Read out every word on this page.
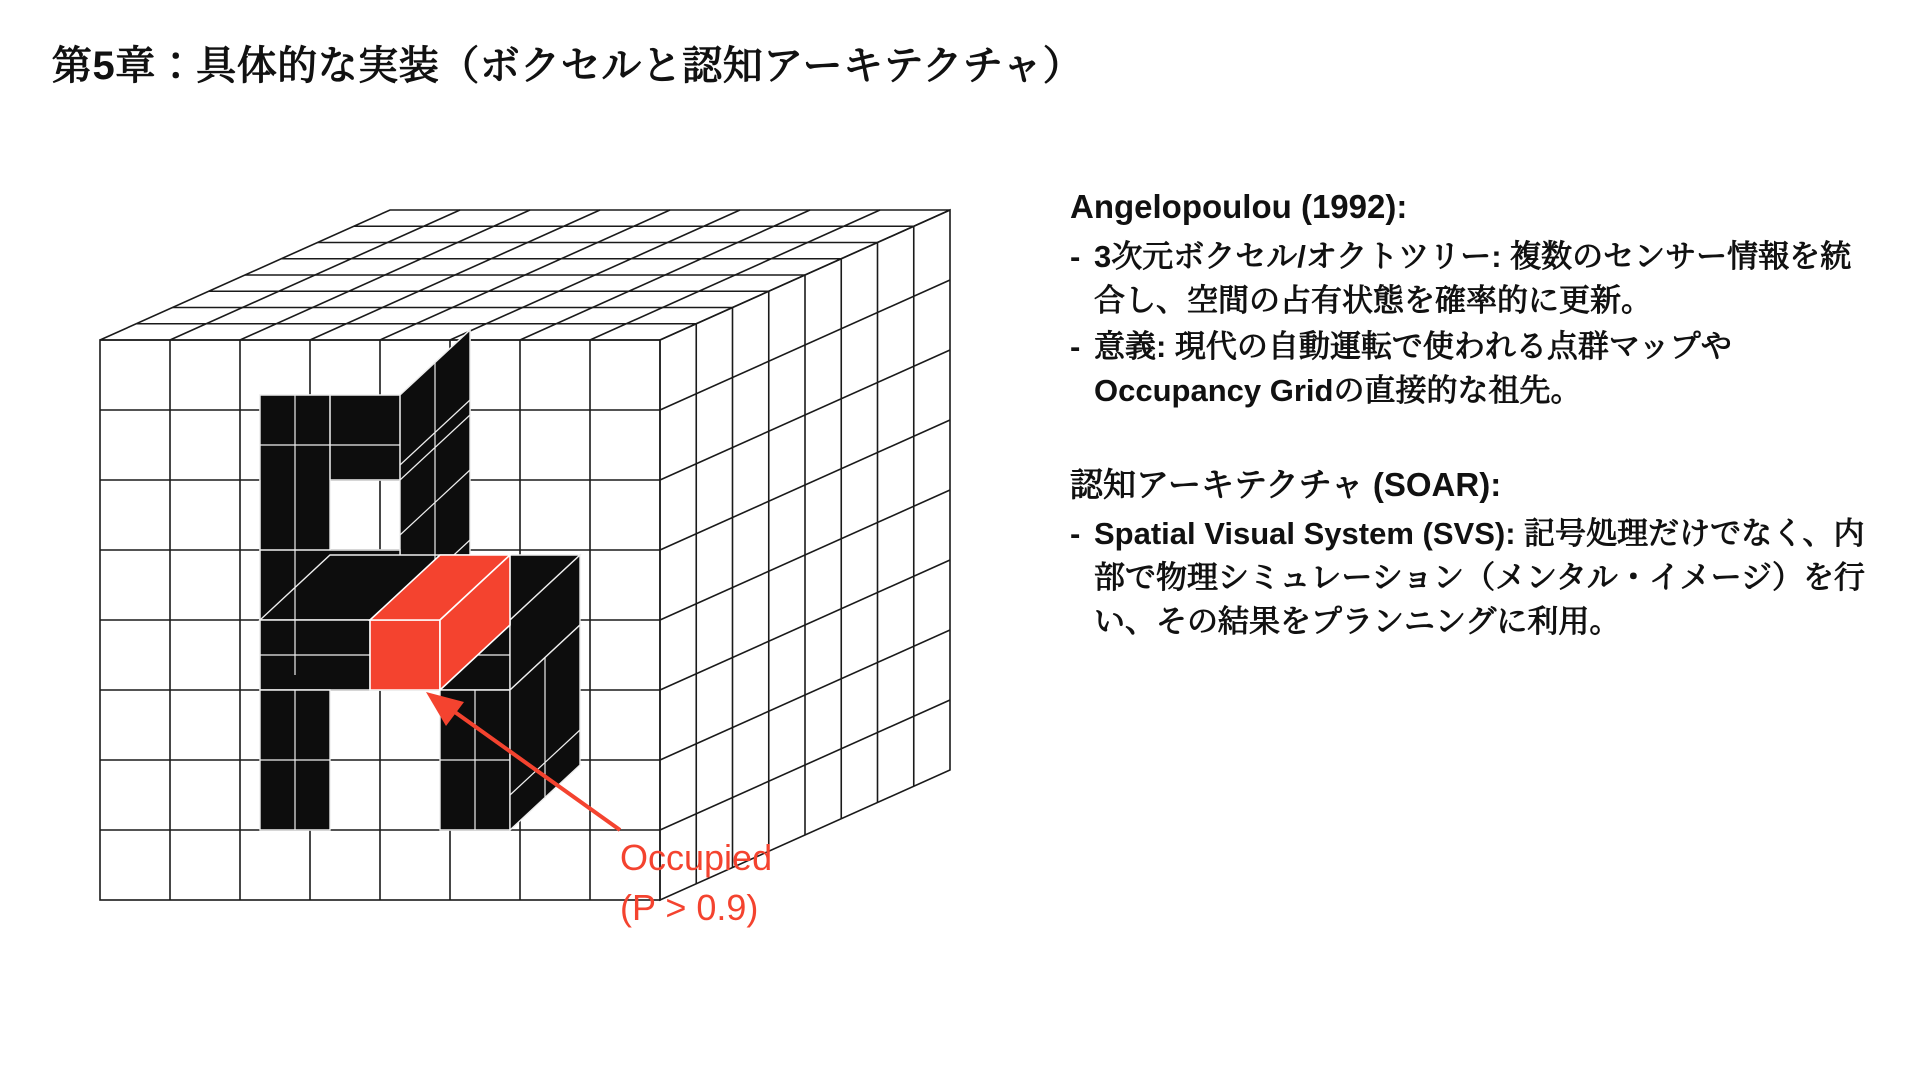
第5章：具体的な実装（ボクセルと認知アーキテクチャ）
Occupied
(P > 0.9)
Angelopoulou (1992):
- 3次元ボクセル/オクトツリー: 複数のセンサー情報を統合し、空間の占有状態を確率的に更新。
- 意義: 現代の自動運転で使われる点群マップやOccupancy Gridの直接的な祖先。
認知アーキテクチャ (SOAR):
- Spatial Visual System (SVS): 記号処理だけでなく、内部で物理シミュレーション（メンタル・イメージ）を行い、その結果をプランニングに利用。
